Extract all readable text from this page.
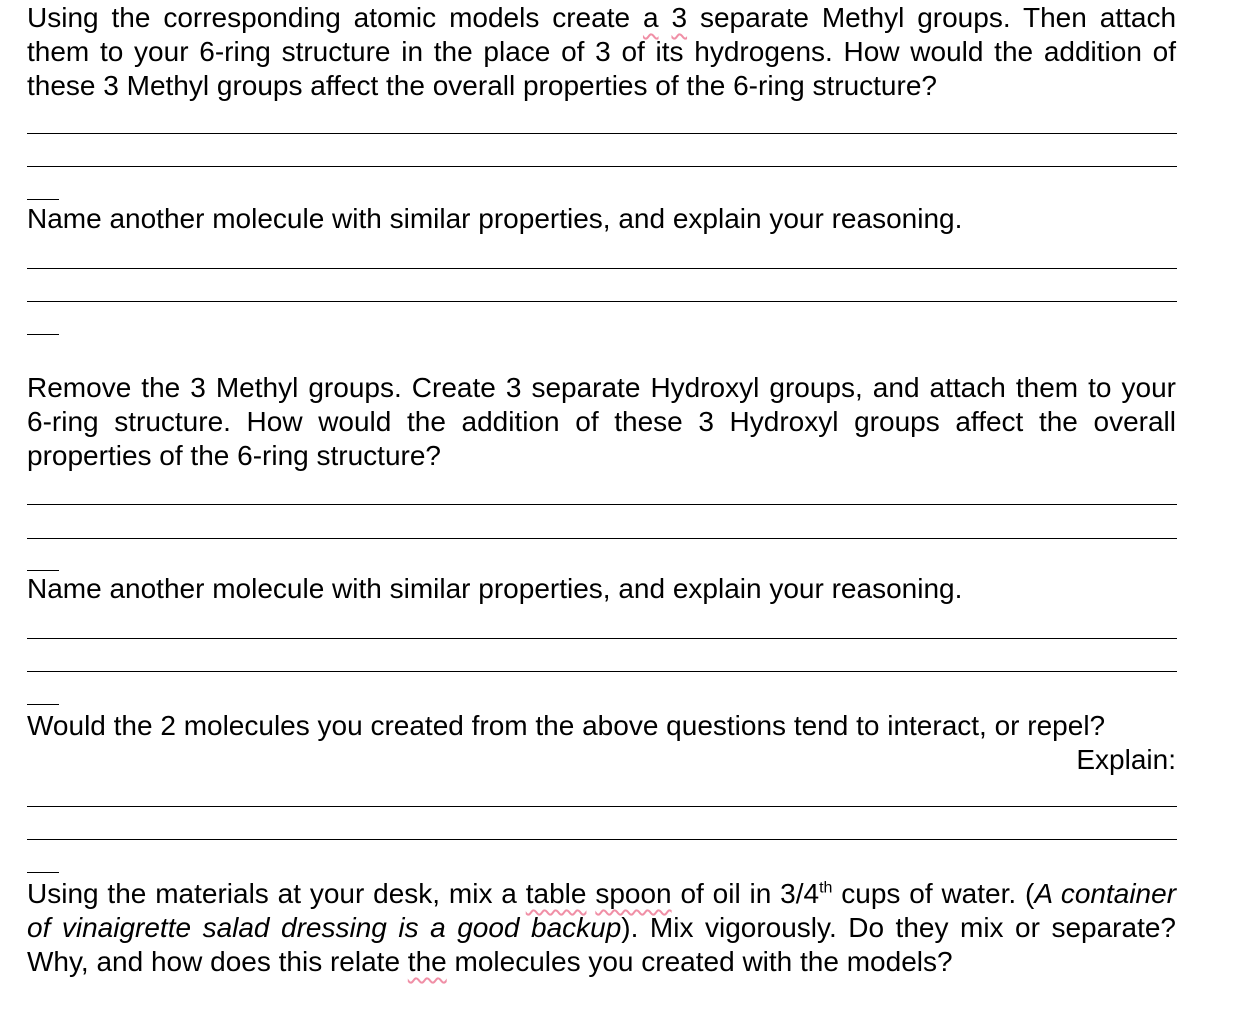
Using the corresponding atomic models create a 3 separate Methyl groups. Then attach them to your 6-ring structure in the place of 3 of its hydrogens. How would the addition of these 3 Methyl groups affect the overall properties of the 6-ring structure?
Name another molecule with similar properties, and explain your reasoning.
Remove the 3 Methyl groups. Create 3 separate Hydroxyl groups, and attach them to your 6-ring structure. How would the addition of these 3 Hydroxyl groups affect the overall properties of the 6-ring structure?
Name another molecule with similar properties, and explain your reasoning.
Would the 2 molecules you created from the above questions tend to interact, or repel?
Explain:
Using the materials at your desk, mix a table spoon of oil in 3/4th cups of water. (A container of vinaigrette salad dressing is a good backup). Mix vigorously. Do they mix or separate? Why, and how does this relate the molecules you created with the models?
